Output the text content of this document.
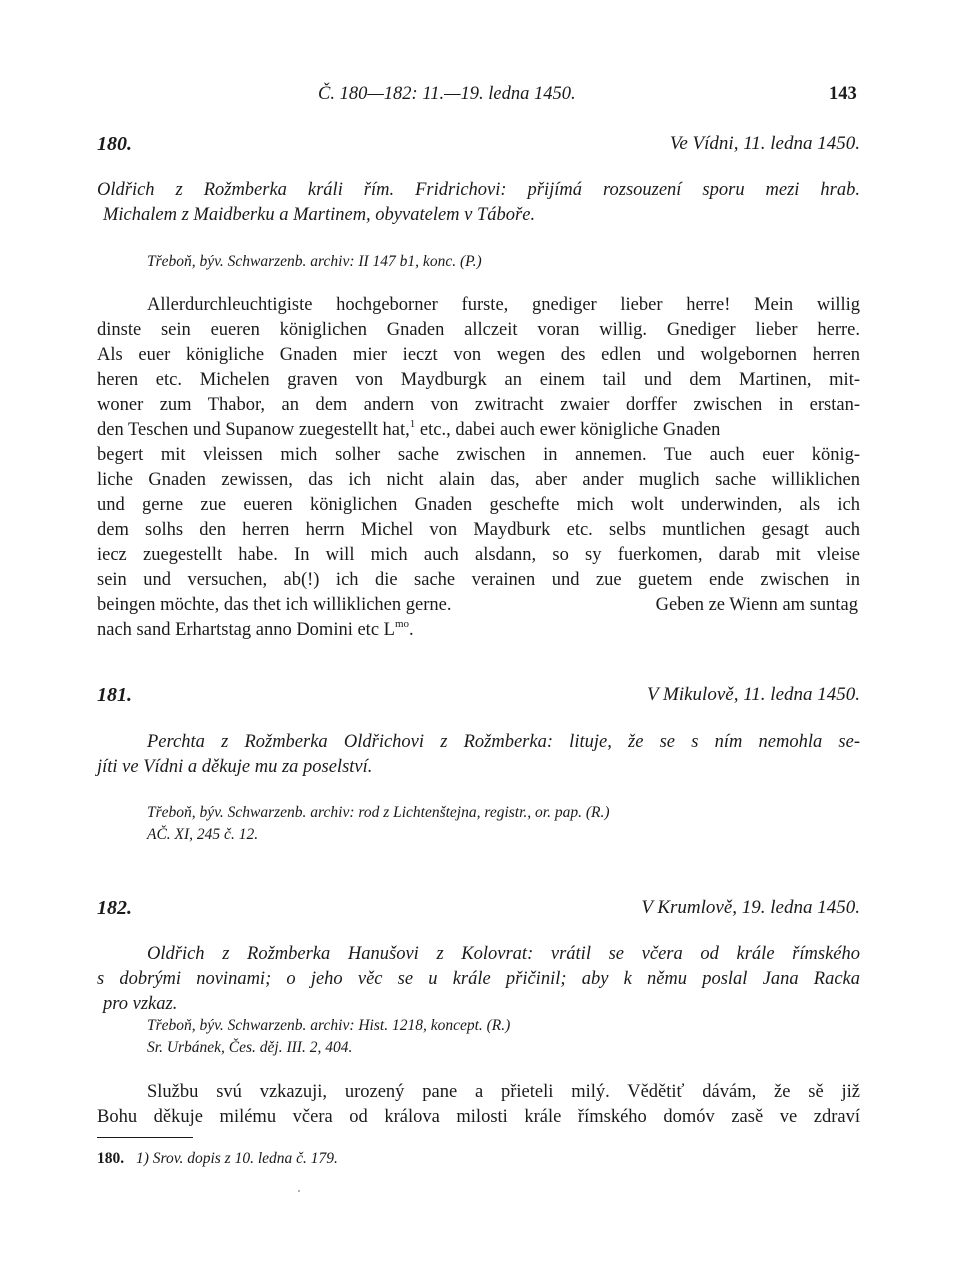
Č. 180—182: 11.—19. ledna 1450.	143
180.	Ve Vídni, 11. ledna 1450.
Oldřich z Rožmberka králi řím. Fridrichovi: přijímá rozsouzení sporu mezi hrab.
Michalem z Maidberku a Martinem, obyvatelem v Táboře.
Třeboň, býv. Schwarzenb. archiv: II 147 b1, konc. (P.)
Allerdurchleuchtigiste hochgeborner furste, gnediger lieber herre! Mein willig
dinste sein eueren königlichen Gnaden allczeit voran willig. Gnediger lieber herre.
Als euer königliche Gnaden mier ieczt von wegen des edlen und wolgebornen herren
heren etc. Michelen graven von Maydburgk an einem tail und dem Martinen, mit-
woner zum Thabor, an dem andern von zwitracht zwaier dorffer zwischen in erstan-
den Teschen und Supanow zuegestellt hat,$^1$ etc., dabei auch ewer königliche Gnaden
begert mit vleissen mich solher sache zwischen in annemen. Tue auch euer könig-
liche Gnaden zewissen, das ich nicht alain das, aber ander muglich sache williklichen
und gerne zue eueren königlichen Gnaden geschefte mich wolt underwinden, als ich
dem solhs den herren herrn Michel von Maydburk etc. selbs muntlichen gesagt auch
iecz zuegestellt habe. In will mich auch alsdann, so sy fuerkomen, darab mit vleise
sein und versuchen, ab(!) ich die sache verainen und zue guetem ende zwischen in
beingen möchte, das thet ich williklichen gerne.	Geben ze Wienn am suntag
nach sand Erhartstag anno Domini etc $L^{mo}$.
181.	V Mikulově, 11. ledna 1450.
Perchta z Rožmberka Oldřichovi z Rožmberka: lituje, že se s ním nemohla se-
jíti ve Vídni a děkuje mu za poselství.
Třeboň, býv. Schwarzenb. archiv: rod z Lichtenštejna, registr., or. pap. (R.)
AČ. XI, 245 č. 12.
182.	V Krumlově, 19. ledna 1450.
Oldřich z Rožmberka Hanušovi z Kolovrat: vrátil se včera od krále římského
s dobrými novinami; o jeho věc se u krále přičinil; aby k němu poslal Jana Racka
pro vzkaz.
Třeboň, býv. Schwarzenb. archiv: Hist. 1218, koncept. (R.)
Sr. Urbánek, Čes. děj. III. 2, 404.
Službu svú vzkazuji, urozený pane a přieteli milý. Vědětiť dávám, že sě již
Bohu děkuje milému včera od králova milosti krále římského domóv zasě ve zdraví
180. 1) Srov. dopis z 10. ledna č. 179.
